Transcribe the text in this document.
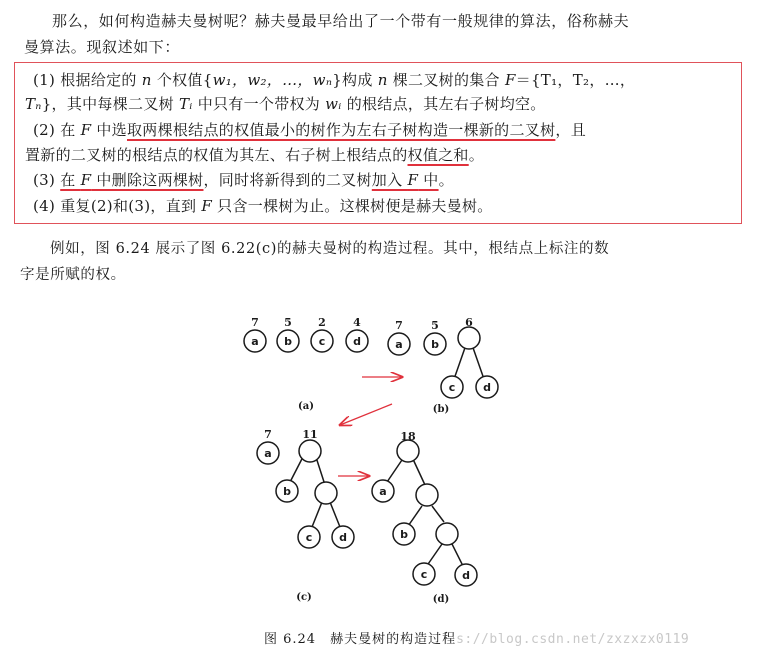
那么，如何构造赫夫曼树呢？赫夫曼最早给出了一个带有一般规律的算法，俗称赫夫
曼算法。现叙述如下：
(1) 根据给定的 n 个权值{w₁，w₂，…，wₙ}构成 n 棵二叉树的集合 F＝{T₁，T₂，…，
Tₙ}，其中每棵二叉树 Tᵢ 中只有一个带权为 wᵢ 的根结点，其左右子树均空。
(2) 在 F 中选取两棵根结点的权值最小的树作为左右子树构造一棵新的二叉树，且
置新的二叉树的根结点的权值为其左、右子树上根结点的权值之和。
(3) 在 F 中删除这两棵树，同时将新得到的二叉树加入 F 中。
(4) 重复(2)和(3)，直到 F 只含一棵树为止。这棵树便是赫夫曼树。
例如，图 6.24 展示了图 6.22(c)的赫夫曼树的构造过程。其中，根结点上标注的数
字是所赋的权。
a b c	d	a	b
c	d
a
b
c d
a
b
c	d
7 5 2 4	7	5 6
7	11	18
(a)	(b)
(c)	(d)
图 6.24　赫夫曼树的构造过程s://blog.csdn.net/zxzxzx0119
